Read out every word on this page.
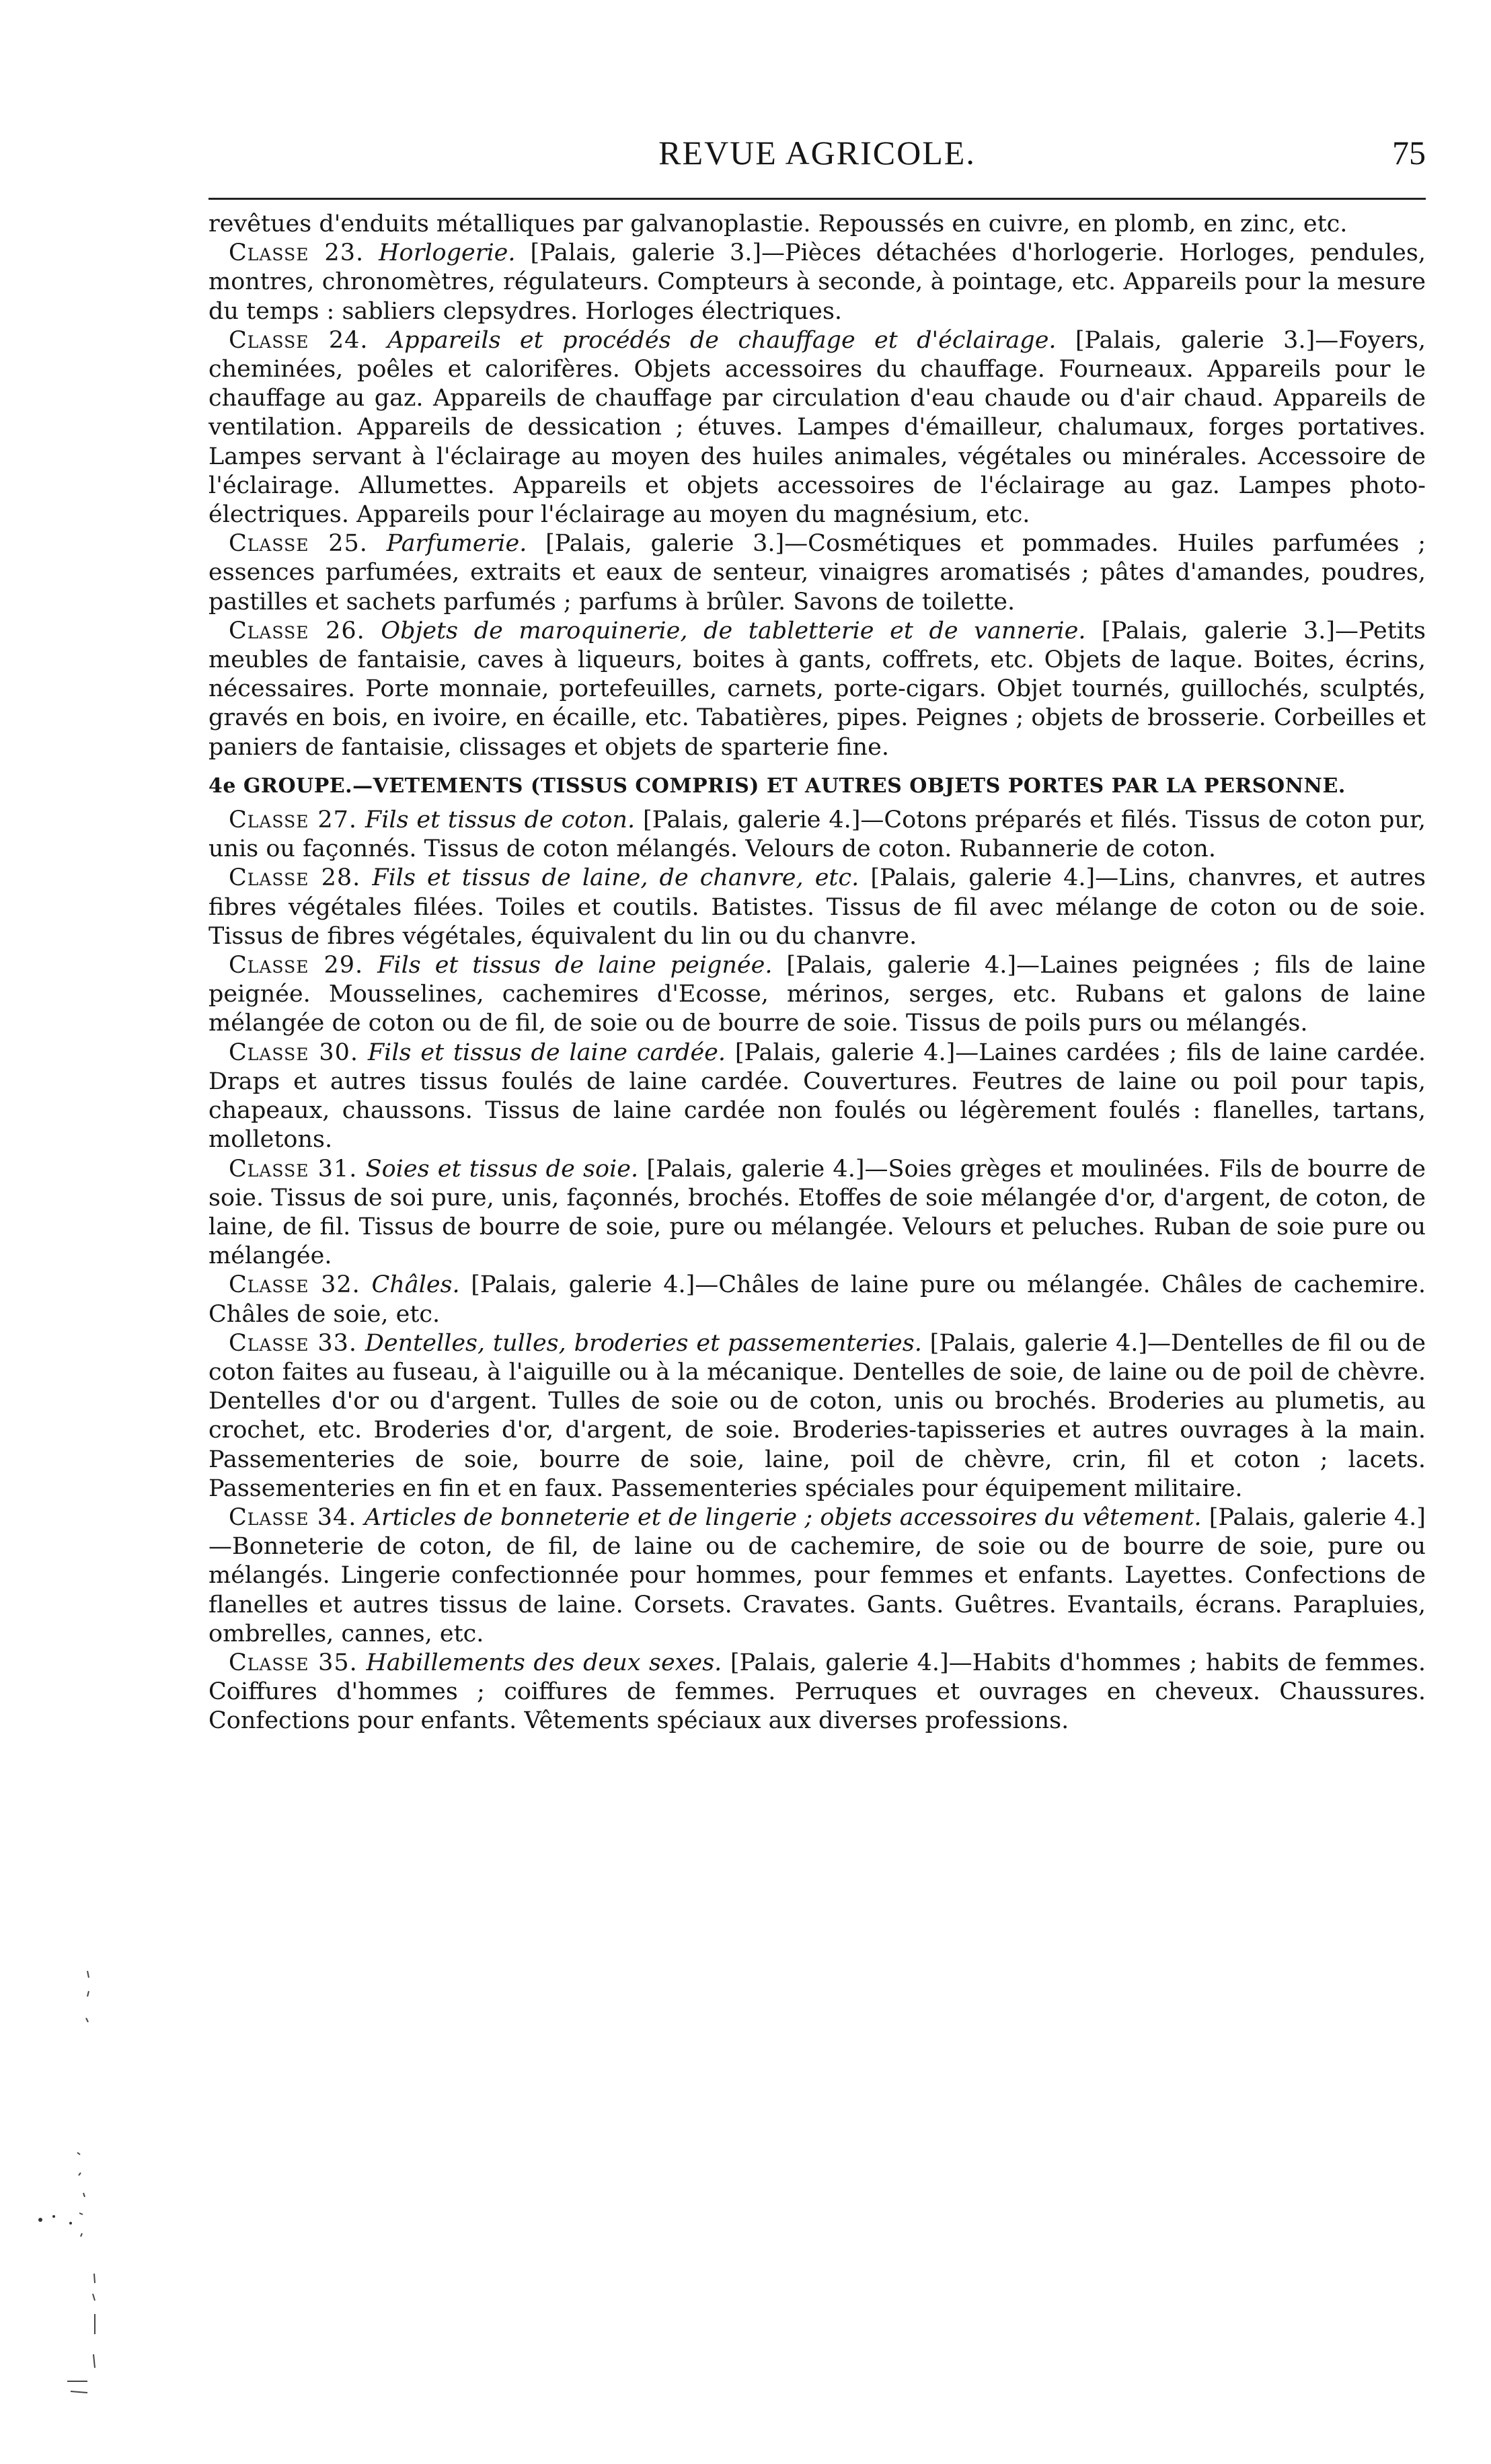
REVUE AGRICOLE.	75

revêtues d'enduits métalliques par galvanoplastie. Repoussés en cuivre, en plomb, en zinc, etc.

Classe 23. Horlogerie. [Palais, galerie 3.]—Pièces détachées d'horlogerie. Horloges, pendules, montres, chronomètres, régulateurs. Compteurs à seconde, à pointage, etc. Appareils pour la mesure du temps : sabliers clepsydres. Horloges électriques.

Classe 24. Appareils et procédés de chauffage et d'éclairage. [Palais, galerie 3.]—Foyers, cheminées, poêles et calorifères. Objets accessoires du chauffage. Fourneaux. Appareils pour le chauffage au gaz. Appareils de chauffage par circulation d'eau chaude ou d'air chaud. Appareils de ventilation. Appareils de dessication ; étuves. Lampes d'émailleur, chalumaux, forges portatives. Lampes servant à l'éclairage au moyen des huiles animales, végétales ou minérales. Accessoire de l'éclairage. Allumettes. Appareils et objets accessoires de l'éclairage au gaz. Lampes photo-électriques. Appareils pour l'éclairage au moyen du magnésium, etc.

Classe 25. Parfumerie. [Palais, galerie 3.]—Cosmétiques et pommades. Huiles parfumées ; essences parfumées, extraits et eaux de senteur, vinaigres aromatisés ; pâtes d'amandes, poudres, pastilles et sachets parfumés ; parfums à brûler. Savons de toilette.

Classe 26. Objets de maroquinerie, de tabletterie et de vannerie. [Palais, galerie 3.]—Petits meubles de fantaisie, caves à liqueurs, boites à gants, coffrets, etc. Objets de laque. Boites, écrins, nécessaires. Porte monnaie, portefeuilles, carnets, porte-cigars. Objet tournés, guillochés, sculptés, gravés en bois, en ivoire, en écaille, etc. Tabatières, pipes. Peignes ; objets de brosserie. Corbeilles et paniers de fantaisie, clissages et objets de sparterie fine.

4e GROUPE.—VETEMENTS (TISSUS COMPRIS) ET AUTRES OBJETS PORTES PAR LA PERSONNE.

Classe 27. Fils et tissus de coton. [Palais, galerie 4.]—Cotons préparés et filés. Tissus de coton pur, unis ou façonnés. Tissus de coton mélangés. Velours de coton. Rubannerie de coton.

Classe 28. Fils et tissus de laine, de chanvre, etc. [Palais, galerie 4.]—Lins, chanvres, et autres fibres végétales filées. Toiles et coutils. Batistes. Tissus de fil avec mélange de coton ou de soie. Tissus de fibres végétales, équivalent du lin ou du chanvre.

Classe 29. Fils et tissus de laine peignée. [Palais, galerie 4.]—Laines peignées ; fils de laine peignée. Mousselines, cachemires d'Ecosse, mérinos, serges, etc. Rubans et galons de laine mélangée de coton ou de fil, de soie ou de bourre de soie. Tissus de poils purs ou mélangés.

Classe 30. Fils et tissus de laine cardée. [Palais, galerie 4.]—Laines cardées ; fils de laine cardée. Draps et autres tissus foulés de laine cardée. Couvertures. Feutres de laine ou poil pour tapis, chapeaux, chaussons. Tissus de laine cardée non foulés ou légèrement foulés : flanelles, tartans, molletons.

Classe 31. Soies et tissus de soie. [Palais, galerie 4.]—Soies grèges et moulinées. Fils de bourre de soie. Tissus de soi pure, unis, façonnés, brochés. Etoffes de soie mélangée d'or, d'argent, de coton, de laine, de fil. Tissus de bourre de soie, pure ou mélangée. Velours et peluches. Ruban de soie pure ou mélangée.

Classe 32. Châles. [Palais, galerie 4.]—Châles de laine pure ou mélangée. Châles de cachemire. Châles de soie, etc.

Classe 33. Dentelles, tulles, broderies et passementeries. [Palais, galerie 4.]—Dentelles de fil ou de coton faites au fuseau, à l'aiguille ou à la mécanique. Dentelles de soie, de laine ou de poil de chèvre. Dentelles d'or ou d'argent. Tulles de soie ou de coton, unis ou brochés. Broderies au plumetis, au crochet, etc. Broderies d'or, d'argent, de soie. Broderies-tapisseries et autres ouvrages à la main. Passementeries de soie, bourre de soie, laine, poil de chèvre, crin, fil et coton ; lacets. Passementeries en fin et en faux. Passementeries spéciales pour équipement militaire.

Classe 34. Articles de bonneterie et de lingerie ; objets accessoires du vêtement. [Palais, galerie 4.]—Bonneterie de coton, de fil, de laine ou de cachemire, de soie ou de bourre de soie, pure ou mélangés. Lingerie confectionnée pour hommes, pour femmes et enfants. Layettes. Confections de flanelles et autres tissus de laine. Corsets. Cravates. Gants. Guêtres. Evantails, écrans. Parapluies, ombrelles, cannes, etc.

Classe 35. Habillements des deux sexes. [Palais, galerie 4.]—Habits d'hommes ; habits de femmes. Coiffures d'hommes ; coiffures de femmes. Perruques et ouvrages en cheveux. Chaussures. Confections pour enfants. Vêtements spéciaux aux diverses professions.
